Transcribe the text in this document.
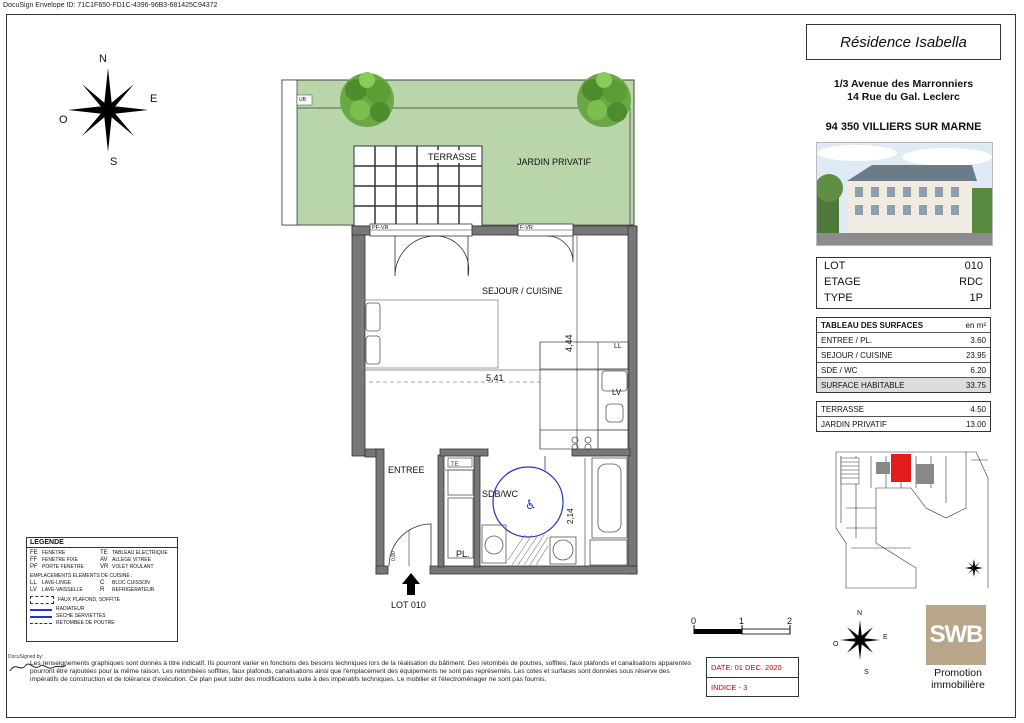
DocuSign Envelope ID: 71C1F650-FD1C-4396-96B3-681425C94372
TE
♿
N
E
O
S	TERRASSE	JARDIN PRIVATIF
SEJOUR / CUISINE
ENTREE
SDB/WC
PL.
LL
LV
PF-VR	F-VR
UB
5,41
4,44
2,14
0,90
LOT 010
0	1	2
Résidence Isabella
1/3 Avenue des Marronniers
14 Rue du Gal. Leclerc
94 350 VILLIERS SUR MARNE
LOT	010
ETAGE	RDC
TYPE	1P
TABLEAU DES SURFACES	en m²
ENTREE / PL.	3.60
SEJOUR / CUISINE	23.95
SDE / WC	6.20
SURFACE HABITABLE	33.75
TERRASSE	4.50
JARDIN PRIVATIF	13.00
N
E
O
S
SWB
Promotion
immobilière
LEGENDE
FE FENETRE	TE TABLEAU ELECTRIQUE
FF FENETRE FIXE	AV ALLEGE VITREE
PF PORTE FENETRE	VR VOLET ROULANT
EMPLACEMENTS ELEMENTS DE CUISINE :
LL	LAVE-LINGE	C	BLOC CUISSON
LV	LAVE-VAISSELLE	R	REFRIGERATEUR
FAUX PLAFOND, SOFFITE
RADIATEUR
SECHE SERVIETTES
RETOMBEE DE POUTRE
DocuSigned by:
Les renseignements graphiques sont donnés à titre indicatif. Ils pourront varier en fonctions des besoins techniques lors de la réalisation du bâtiment. Des retombés de poutres, soffites, faux plafonds et canalisations apparentes pourront être rajoutées pour la même raison. Les retombées soffites, faux plafonds, canalisations ainsi que l'emplacement des équipements ne sont pas représentés. Les cotes et surfaces sont données sous réserve des impératifs de construction et de tolérance d'exécution. Ce plan peut subir des modifications suite à des impératifs techniques. Le mobilier et l'électroménager ne sont pas fournis.
DATE: 01 DEC. 2020
INDICE - 3
